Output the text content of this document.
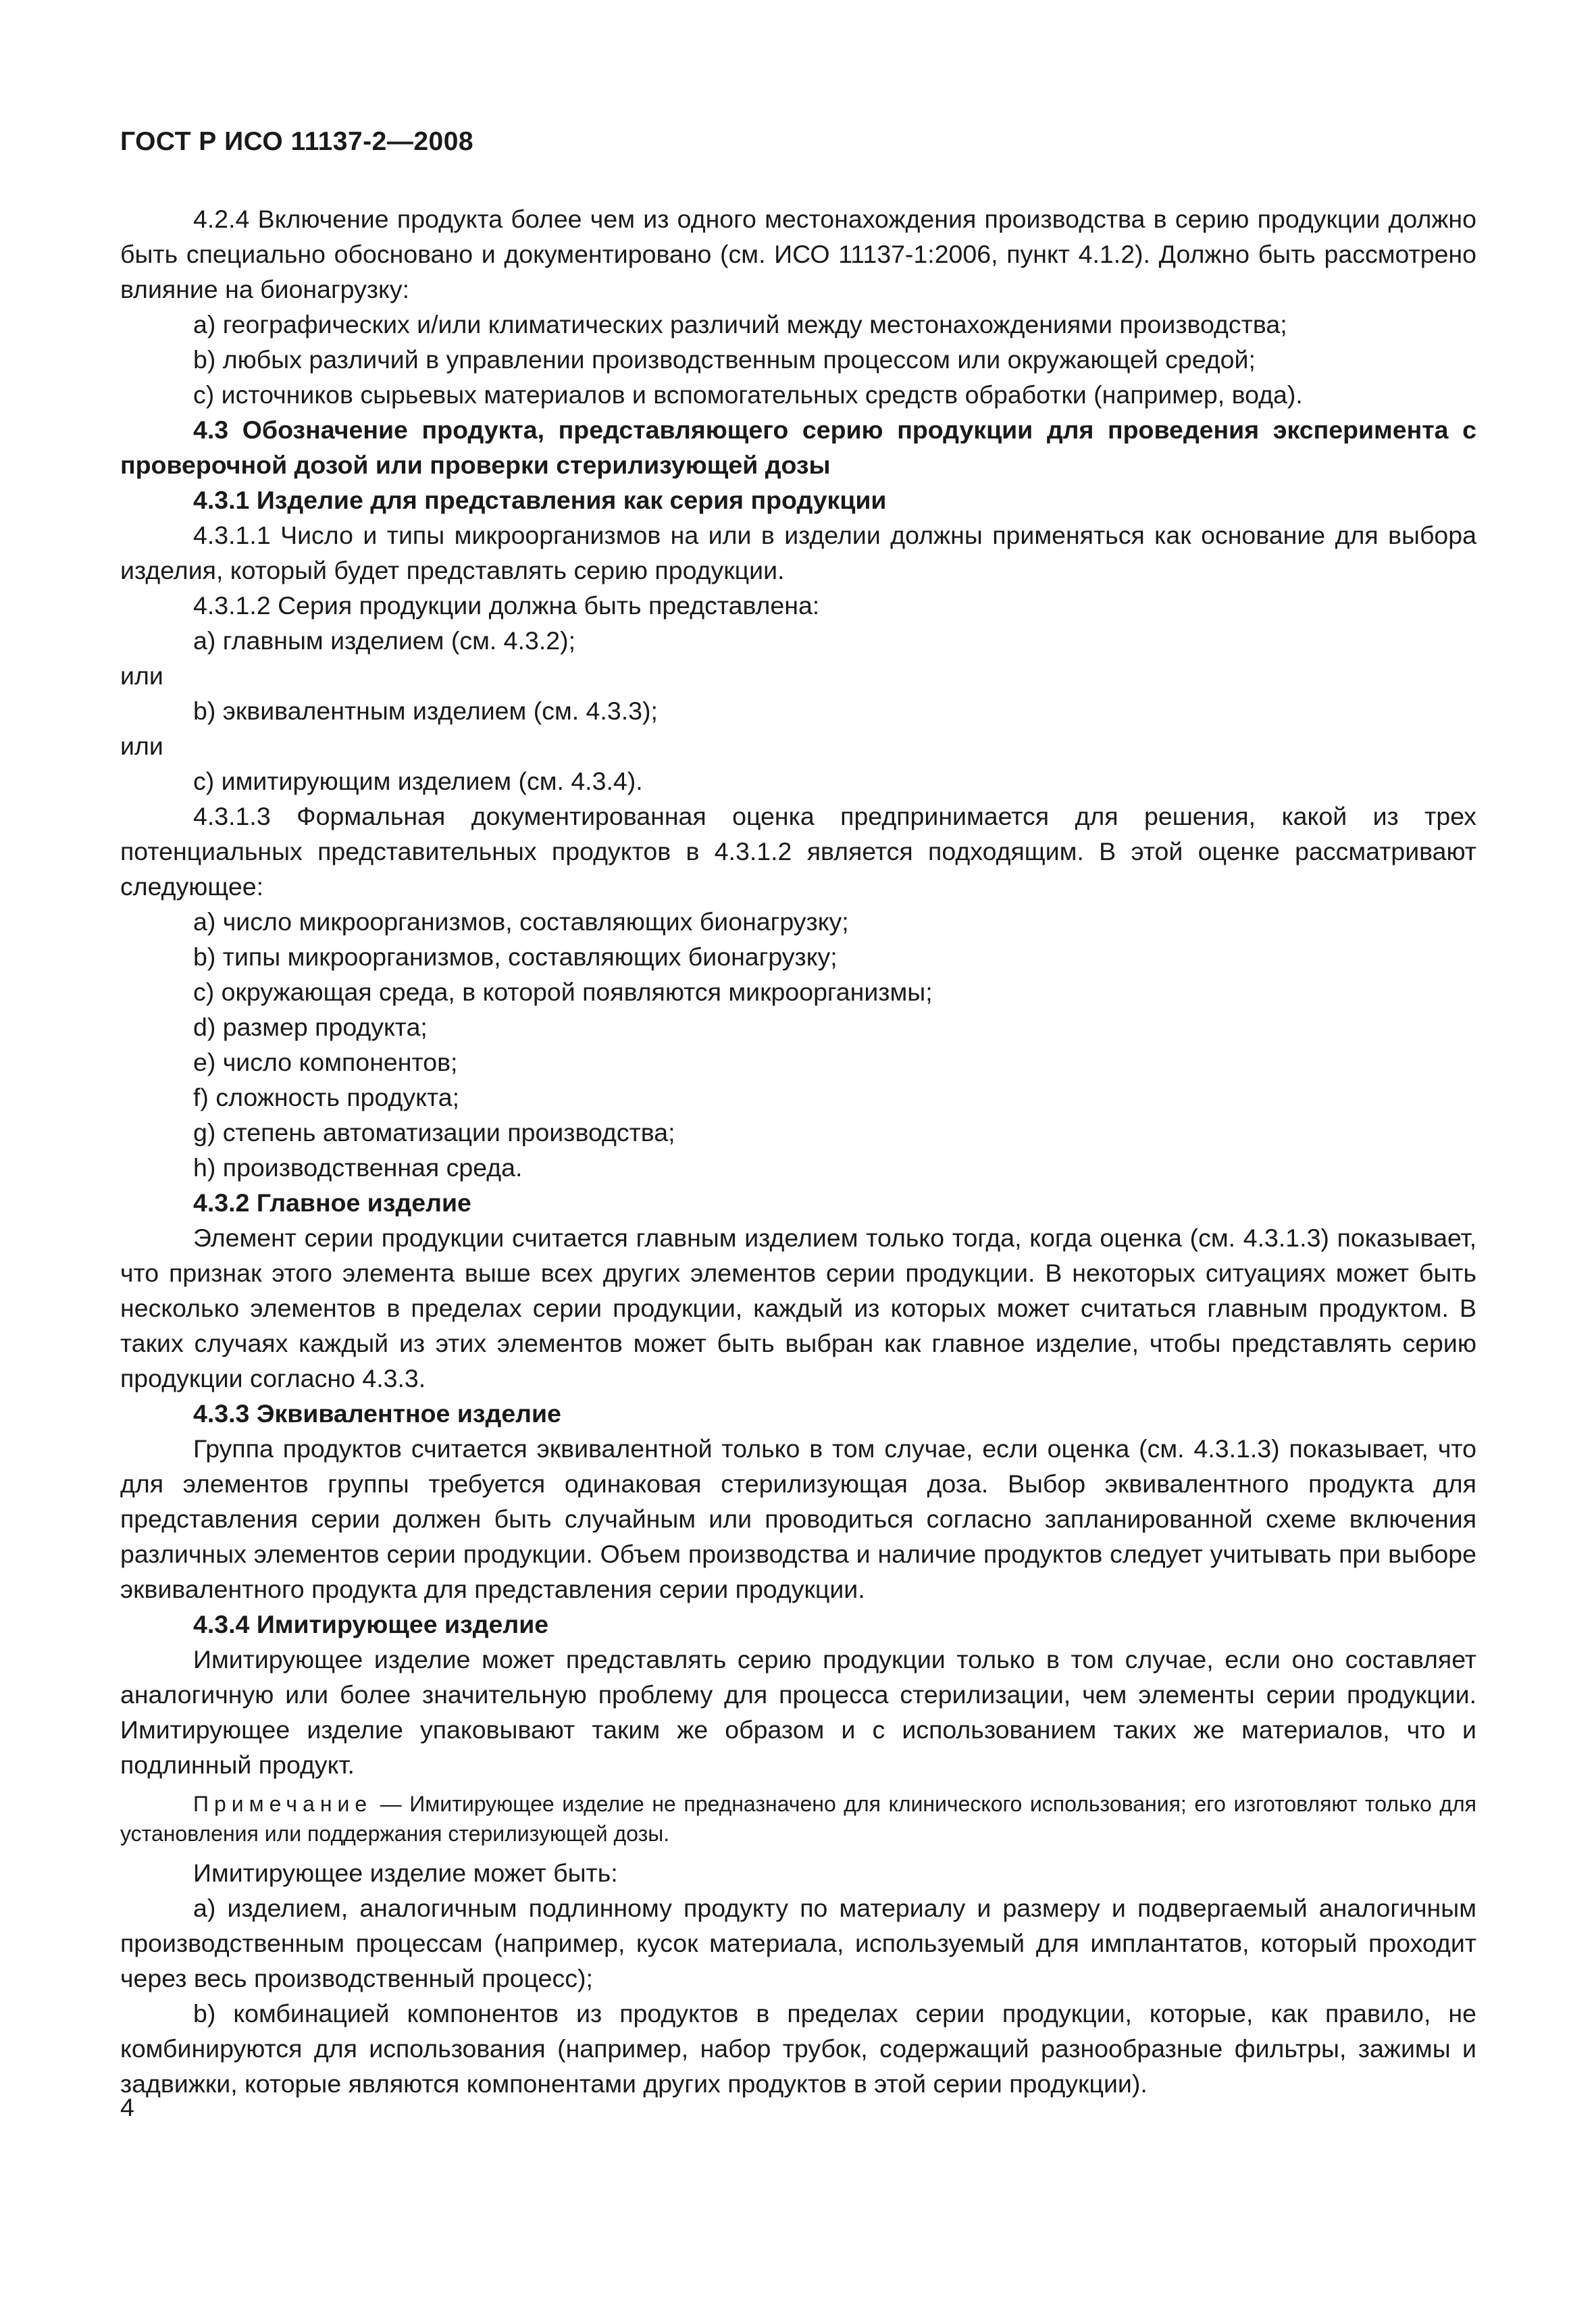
ГОСТ Р ИСО 11137-2—2008

4.2.4 Включение продукта более чем из одного местонахождения производства в серию продукции должно быть специально обосновано и документировано (см. ИСО 11137-1:2006, пункт 4.1.2). Должно быть рассмотрено влияние на бионагрузку:

a) географических и/или климатических различий между местонахождениями производства;

b) любых различий в управлении производственным процессом или окружающей средой;

c) источников сырьевых материалов и вспомогательных средств обработки (например, вода).

4.3 Обозначение продукта, представляющего серию продукции для проведения эксперимента с проверочной дозой или проверки стерилизующей дозы

4.3.1 Изделие для представления как серия продукции

4.3.1.1 Число и типы микроорганизмов на или в изделии должны применяться как основание для выбора изделия, который будет представлять серию продукции.

4.3.1.2 Серия продукции должна быть представлена:

a) главным изделием (см. 4.3.2);

или

b) эквивалентным изделием (см. 4.3.3);

или

c) имитирующим изделием (см. 4.3.4).

4.3.1.3 Формальная документированная оценка предпринимается для решения, какой из трех потенциальных представительных продуктов в 4.3.1.2 является подходящим. В этой оценке рассматривают следующее:

a) число микроорганизмов, составляющих бионагрузку;

b) типы микроорганизмов, составляющих бионагрузку;

c) окружающая среда, в которой появляются микроорганизмы;

d) размер продукта;

e) число компонентов;

f) сложность продукта;

g) степень автоматизации производства;

h) производственная среда.

4.3.2 Главное изделие

Элемент серии продукции считается главным изделием только тогда, когда оценка (см. 4.3.1.3) показывает, что признак этого элемента выше всех других элементов серии продукции. В некоторых ситуациях может быть несколько элементов в пределах серии продукции, каждый из которых может считаться главным продуктом. В таких случаях каждый из этих элементов может быть выбран как главное изделие, чтобы представлять серию продукции согласно 4.3.3.

4.3.3 Эквивалентное изделие

Группа продуктов считается эквивалентной только в том случае, если оценка (см. 4.3.1.3) показывает, что для элементов группы требуется одинаковая стерилизующая доза. Выбор эквивалентного продукта для представления серии должен быть случайным или проводиться согласно запланированной схеме включения различных элементов серии продукции. Объем производства и наличие продуктов следует учитывать при выборе эквивалентного продукта для представления серии продукции.

4.3.4 Имитирующее изделие

Имитирующее изделие может представлять серию продукции только в том случае, если оно составляет аналогичную или более значительную проблему для процесса стерилизации, чем элементы серии продукции. Имитирующее изделие упаковывают таким же образом и с использованием таких же материалов, что и подлинный продукт.

Примечание — Имитирующее изделие не предназначено для клинического использования; его изготовляют только для установления или поддержания стерилизующей дозы.

Имитирующее изделие может быть:

a) изделием, аналогичным подлинному продукту по материалу и размеру и подвергаемый аналогичным производственным процессам (например, кусок материала, используемый для имплантатов, который проходит через весь производственный процесс);

b) комбинацией компонентов из продуктов в пределах серии продукции, которые, как правило, не комбинируются для использования (например, набор трубок, содержащий разнообразные фильтры, зажимы и задвижки, которые являются компонентами других продуктов в этой серии продукции).

4
